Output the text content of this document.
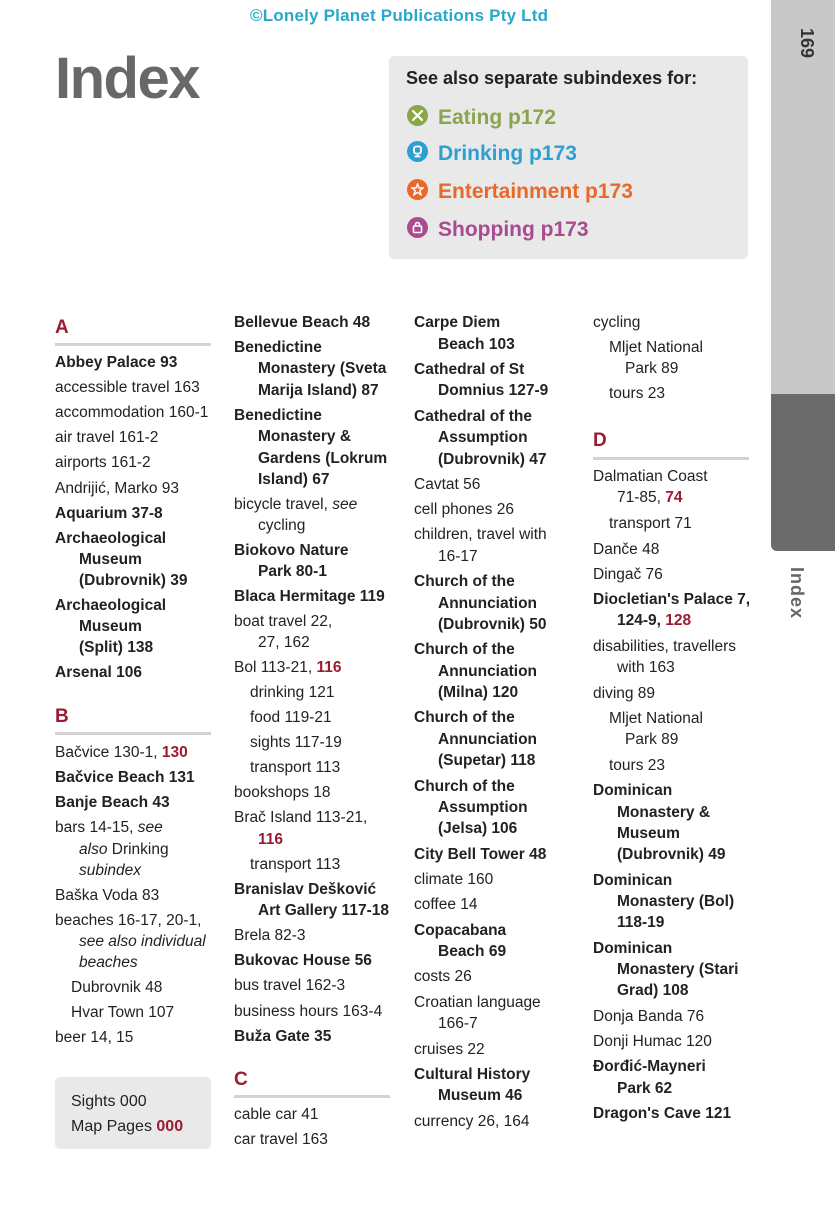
©Lonely Planet Publications Pty Ltd
Index	See also separate subindexes for:
Eating p172
Drinking p173
Entertainment p173
Shopping p173
169
Index
A
Abbey Palace 93
accessible travel 163
accommodation 160-1
air travel 161-2
airports 161-2
Andrijić, Marko 93
Aquarium 37-8
Archaeological
Museum
(Dubrovnik) 39
Archaeological
Museum
(Split) 138
Arsenal 106
B
Bačvice 130-1, 130
Bačvice Beach 131
Banje Beach 43
bars 14-15, see
also Drinking
subindex
Baška Voda 83
beaches 16-17, 20-1,
see also individual
beaches
Dubrovnik 48
Hvar Town 107
beer 14, 15
Sights 000
Map Pages 000
Bellevue Beach 48
Benedictine
Monastery (Sveta
Marija Island) 87
Benedictine
Monastery &
Gardens (Lokrum
Island) 67
bicycle travel, see
cycling
Biokovo Nature
Park 80-1
Blaca Hermitage 119
boat travel 22,
27, 162
Bol 113-21, 116
drinking 121
food 119-21
sights 117-19
transport 113
bookshops 18
Brač Island 113-21,
116
transport 113
Branislav Dešković
Art Gallery 117-18
Brela 82-3
Bukovac House 56
bus travel 162-3
business hours 163-4
Buža Gate 35
C
cable car 41
car travel 163
Carpe Diem
Beach 103
Cathedral of St
Domnius 127-9
Cathedral of the
Assumption
(Dubrovnik) 47
Cavtat 56
cell phones 26
children, travel with
16-17
Church of the
Annunciation
(Dubrovnik) 50
Church of the
Annunciation
(Milna) 120
Church of the
Annunciation
(Supetar) 118
Church of the
Assumption
(Jelsa) 106
City Bell Tower 48
climate 160
coffee 14
Copacabana
Beach 69
costs 26
Croatian language
166-7
cruises 22
Cultural History
Museum 46
currency 26, 164
cycling
Mljet National
Park 89
tours 23
D
Dalmatian Coast
71-85, 74
transport 71
Danče 48
Dingač 76
Diocletian's Palace 7,
124-9, 128
disabilities, travellers
with 163
diving 89
Mljet National
Park 89
tours 23
Dominican
Monastery &
Museum
(Dubrovnik) 49
Dominican
Monastery (Bol)
118-19
Dominican
Monastery (Stari
Grad) 108
Donja Banda 76
Donji Humac 120
Đorđić-Mayneri
Park 62
Dragon's Cave 121
